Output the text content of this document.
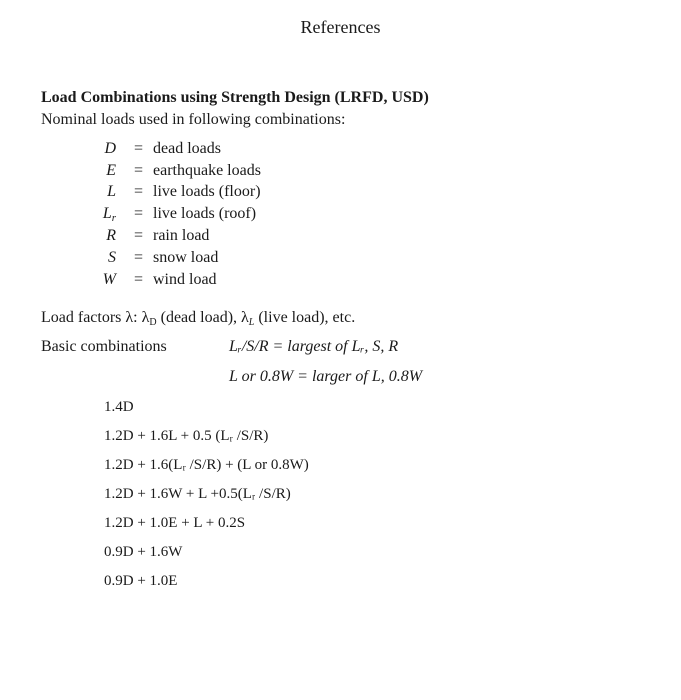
References
Load Combinations using Strength Design (LRFD, USD)
Nominal loads used in following combinations:
D = dead loads
E = earthquake loads
L = live loads (floor)
$L_r$ = live loads (roof)
R = rain load
S = snow load
W = wind load
Load factors λ: $\lambda_D$ (dead load), $\lambda_L$ (live load), etc.
Basic combinations	Lᵣ/S/R = largest of Lᵣ, S, R
L or 0.8W = larger of L, 0.8W
1.4D
1.2D + 1.6L + 0.5 (Lᵣ /S/R)
1.2D + 1.6(Lᵣ /S/R) + (L or 0.8W)
1.2D + 1.6W + L +0.5(Lᵣ /S/R)
1.2D + 1.0E + L + 0.2S
0.9D + 1.6W
0.9D + 1.0E
